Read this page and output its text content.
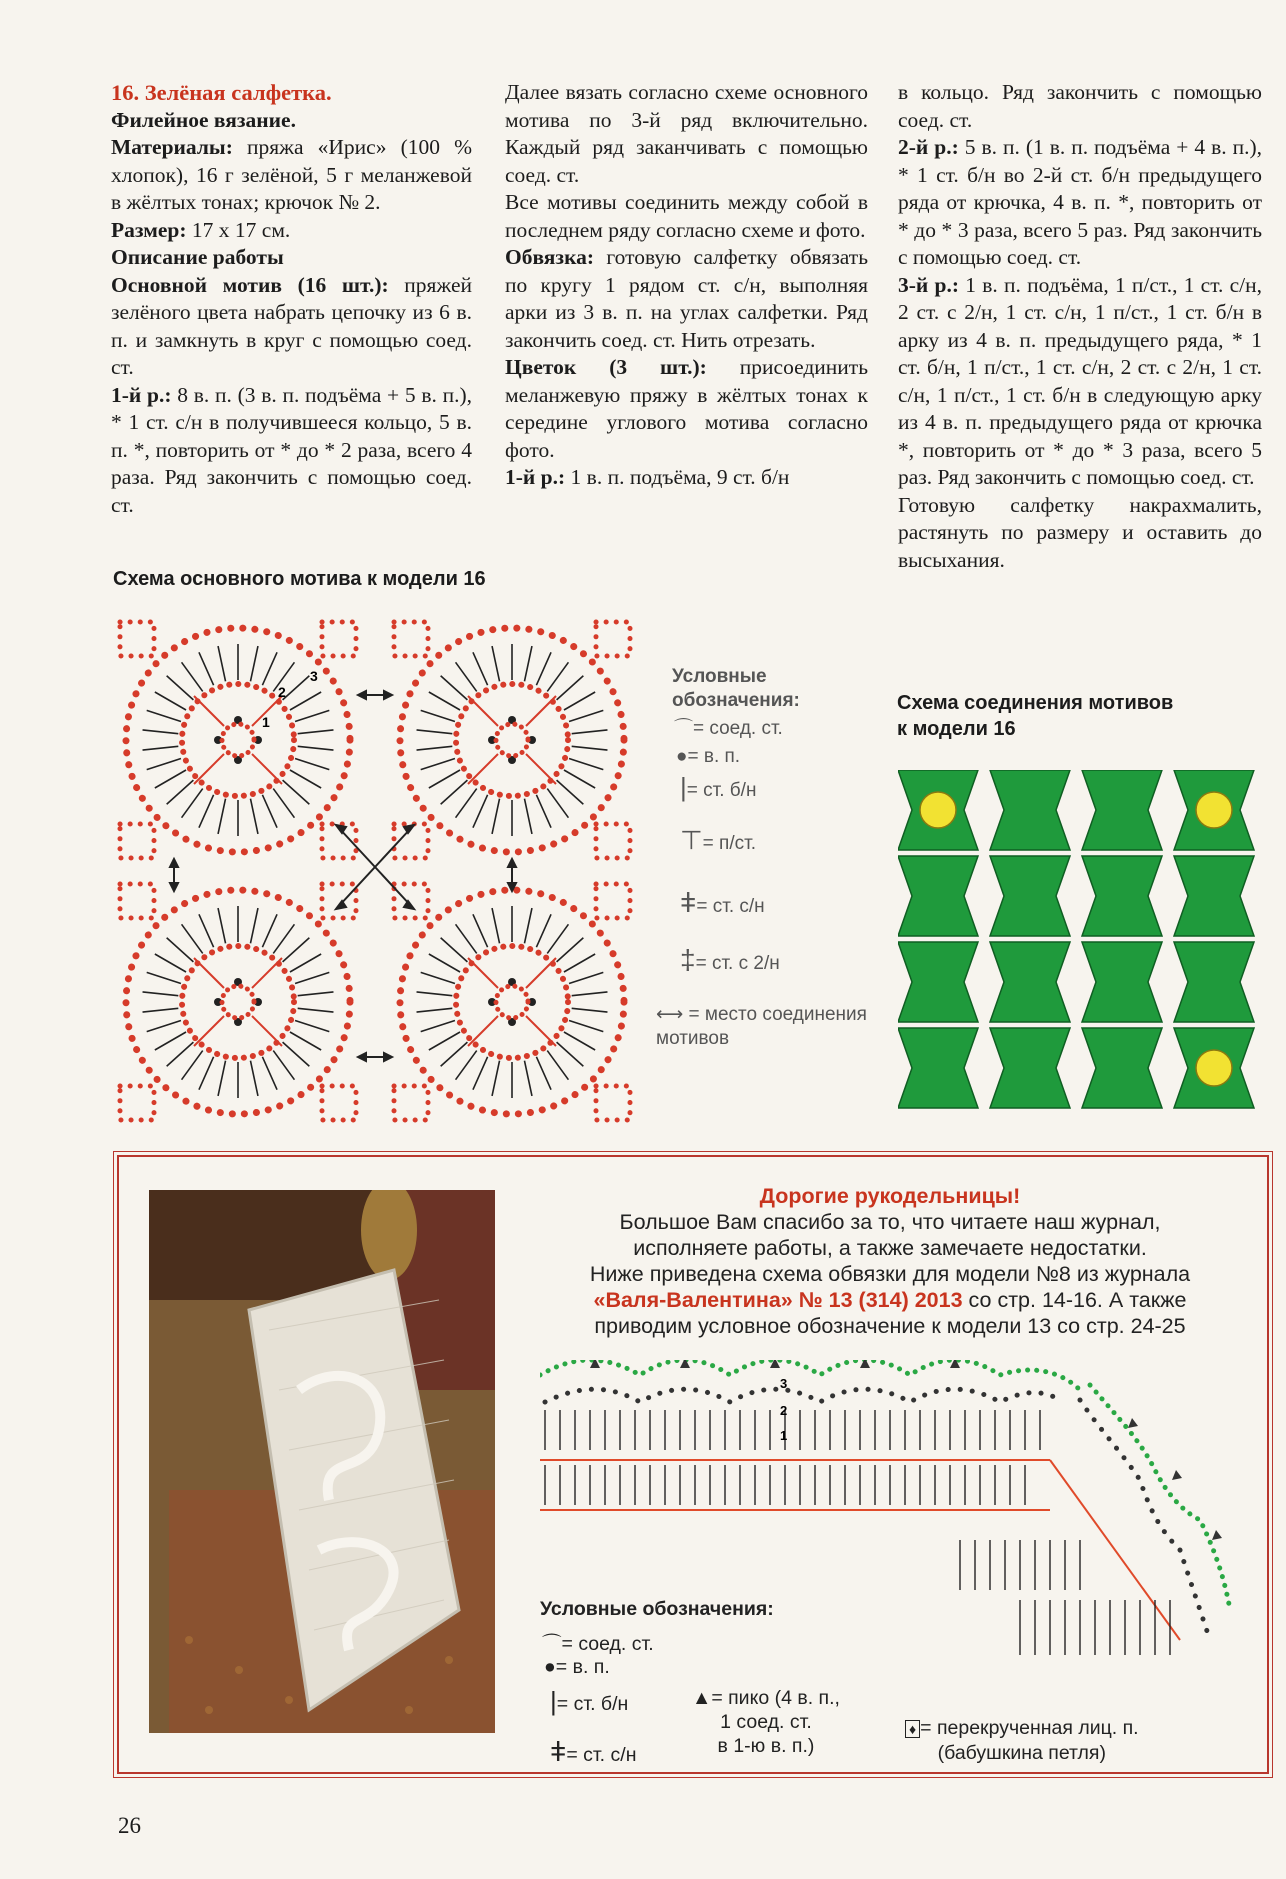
16. Зелёная салфетка.

Филейное вязание.

Материалы: пряжа «Ирис» (100 % хлопок), 16 г зелёной, 5 г меланжевой в жёлтых тонах; крючок № 2.

Размер: 17 х 17 см.

Описание работы

Основной мотив (16 шт.): пряжей зелёного цвета набрать цепочку из 6 в. п. и замкнуть в круг с помощью соед. ст.

1-й р.: 8 в. п. (3 в. п. подъёма + 5 в. п.), * 1 ст. с/н в получившееся кольцо, 5 в. п. *, повторить от * до * 2 раза, всего 4 раза. Ряд закончить с помощью соед. ст.

Далее вязать согласно схеме основного мотива по 3-й ряд включительно. Каждый ряд заканчивать с помощью соед. ст.

Все мотивы соединить между собой в последнем ряду согласно схеме и фото.

Обвязка: готовую салфетку обвязать по кругу 1 рядом ст. с/н, выполняя арки из 3 в. п. на углах салфетки. Ряд закончить соед. ст. Нить отрезать.

Цветок (3 шт.): присоединить меланжевую пряжу в жёлтых тонах к середине углового мотива согласно фото.

1-й р.: 1 в. п. подъёма, 9 ст. б/н

в кольцо. Ряд закончить с помощью соед. ст.

2-й р.: 5 в. п. (1 в. п. подъёма + 4 в. п.), * 1 ст. б/н во 2-й ст. б/н предыдущего ряда от крючка, 4 в. п. *, повторить от * до * 3 раза, всего 5 раз. Ряд закончить с помощью соед. ст.

3-й р.: 1 в. п. подъёма, 1 п/ст., 1 ст. с/н, 2 ст. с 2/н, 1 ст. с/н, 1 п/ст., 1 ст. б/н в арку из 4 в. п. предыдущего ряда, * 1 ст. б/н, 1 п/ст., 1 ст. с/н, 2 ст. с 2/н, 1 ст. с/н, 1 п/ст., 1 ст. б/н в следующую арку из 4 в. п. предыдущего ряда от крючка *, повторить от * до * 3 раза, всего 5 раз. Ряд закончить с помощью соед. ст.

Готовую салфетку накрахмалить, растянуть по размеру и оставить до высыхания.

Схема основного мотива к модели 16
1
2
3	Условные обозначения:
⌒= соед. ст.
●= в. п.
|= ст. б/н
⊤= п/ст.
ǂ= ст. с/н
‡= ст. с 2/н
⟷ = место соединения мотивов
Схема соединения мотивов
к модели 16
Дорогие рукодельницы!
Большое Вам спасибо за то, что читаете наш журнал,
исполняете работы, а также замечаете недостатки.
Ниже приведена схема обвязки для модели №8 из журнала
«Валя-Валентина» № 13 (314) 2013 со стр. 14-16. А также
приводим условное обозначение к модели 13 со стр. 24-25
3
2
1
Условные обозначения:
⌒= соед. ст.
●= в. п.
|= ст. б/н
ǂ= ст. с/н
▲= пико (4 в. п.,
1 соед. ст.
в 1-ю в. п.)
♦ = перекрученная лиц. п.
(бабушкина петля)
26
